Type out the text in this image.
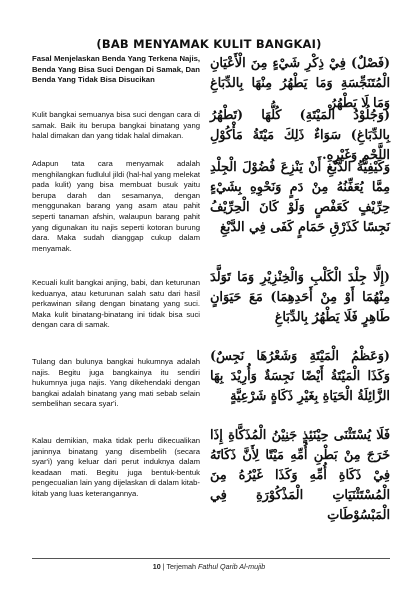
(BAB MENYAMAK KULIT BANGKAI)

Fasal Menjelaskan Benda Yang Terkena Najis, Benda Yang Bisa Suci Dengan Di Samak, Dan Benda Yang Tidak Bisa Disucikan

Kulit bangkai semuanya bisa suci dengan cara di samak. Baik itu berupa bangkai binatang yang halal dimakan dan yang tidak halal dimakan.

Adapun tata cara menyamak adalah menghilangkan fudlulul jildi (hal-hal yang melekat pada kulit) yang bisa membuat busuk yaitu berupa darah dan sesamanya, dengan menggunakan barang yang asam atau pahit seperti tanaman afshin, walaupun barang pahit yang digunakan itu najis seperti kotoran burung dara. Maka sudah dianggap cukup dalam menyamak.

Kecuali kulit bangkai anjing, babi, dan keturunan keduanya, atau keturunan salah satu dari hasil perkawinan silang dengan binatang yang suci. Maka kulit binatang-binatang ini tidak bisa suci dengan cara di samak.

Tulang dan bulunya bangkai hukumnya adalah najis. Begitu juga bangkainya itu sendiri hukumnya juga najis. Yang dikehendaki dengan bangkai adalah binatang yang mati sebab selain sembelihan secara syar'i.

Kalau demikian, maka tidak perlu dikecualikan janinnya binatang yang disembelih (secara syar'i) yang keluar dari perut induknya dalam keadaan mati. Begitu juga bentuk-bentuk pengecualian lain yang dijelaskan di dalam kitab-kitab yang luas keterangannya.

(فَصْلٌ) فِيْ ذِكْرِ شَيْءٍ مِنَ الْأَعْيَانِ الْمُتَنَجِّسَةِ وَمَا يَطْهُرُ مِنْهَا بِالدِّبَاغِ وَمَا لَا يَطْهُرُ
(وَجُلُوْدُ الْمَيْتَةِ) كُلُّهَا (تَطْهُرُ بِالدِّبَاغِ) سَوَاءٌ ذَلِكَ مَيْتَةُ مَأْكُوْلِ اللَّحْمِ وَغَيْرِهِ.
وَكَيْفِيَّةُ الدَّبْغِ أَنْ يَنْزِعَ فُضُوْلَ الْجِلْدِ مِمَّا يُعَفِّنُهُ مِنْ دَمٍ وَنَحْوِهِ بِشَيْءٍ حِرِّيْفٍ كَعَفْصٍ وَلَوْ كَانَ الْحِرِّيْفُ نَجِسًا كَذَرْقِ حَمَامٍ كَفَى فِي الدَّبْغِ
(إِلَّا جِلْدَ الْكَلْبِ وَالْخِنْزِيْرِ وَمَا تَوَلَّدَ مِنْهُمَا أَوْ مِنْ أَحَدِهِمَا) مَعَ حَيَوَانٍ طَاهِرٍ فَلَا يَطْهُرُ بِالدِّبَاغِ
(وَعَظْمُ الْمَيْتَةِ وَشَعْرُهَا نَجِسٌ) وَكَذَا الْمَيْتَةُ أَيْضًا نَجِسَةٌ وَأُرِيْدَ بِهَا الزَّائِلَةُ الْحَيَاةِ بِغَيْرِ ذَكَاةٍ شَرْعِيَّةٍ
فَلَا يُسْتَثْنَى حِيْنَئِذٍ جَنِيْنُ الْمُذَكَّاةِ إِذَا خَرَجَ مِنْ بَطْنِ أُمِّهِ مَيْتًا لِأَنَّ ذَكَاتَهُ فِيْ ذَكَاةِ أُمِّهِ وَكَذَا غَيْرُهُ مِنَ الْمُسْتَثْنَيَاتِ الْمَذْكُوْرَةِ فِي الْمَبْسُوْطَاتِ
10 | Terjemah Fathul Qarib Al-mujib
